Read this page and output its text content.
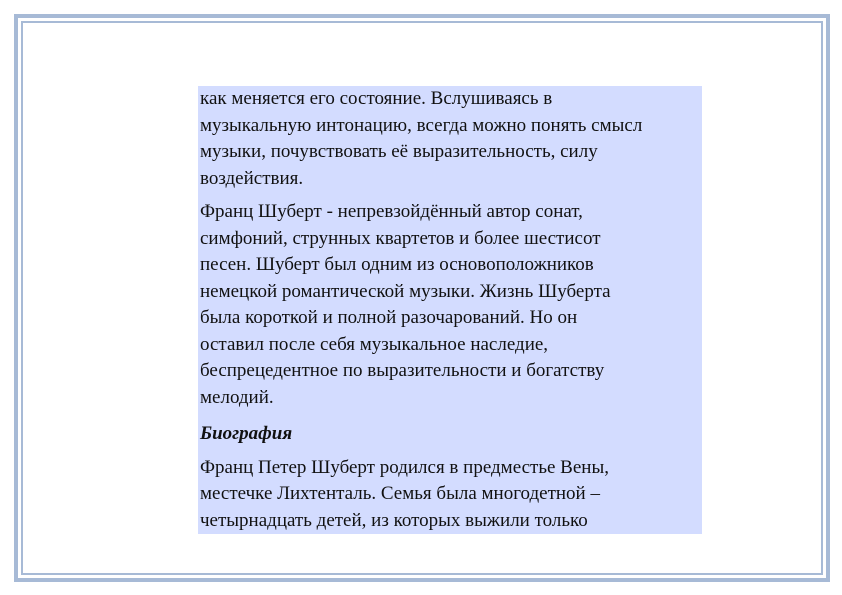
как меняется его состояние. Вслушиваясь в
музыкальную интонацию, всегда можно понять смысл
музыки, почувствовать её выразительность, силу
воздействия.

Франц Шуберт - непревзойдённый автор сонат,
симфоний, струнных квартетов и более шестисот
песен. Шуберт был одним из основоположников
немецкой романтической музыки. Жизнь Шуберта
была короткой и полной разочарований. Но он
оставил после себя музыкальное наследие,
беспрецедентное по выразительности и богатству
мелодий.

Биография

Франц Петер Шуберт родился в предместье Вены,
местечке Лихтенталь. Семья была многодетной –
четырнадцать детей, из которых выжили только
